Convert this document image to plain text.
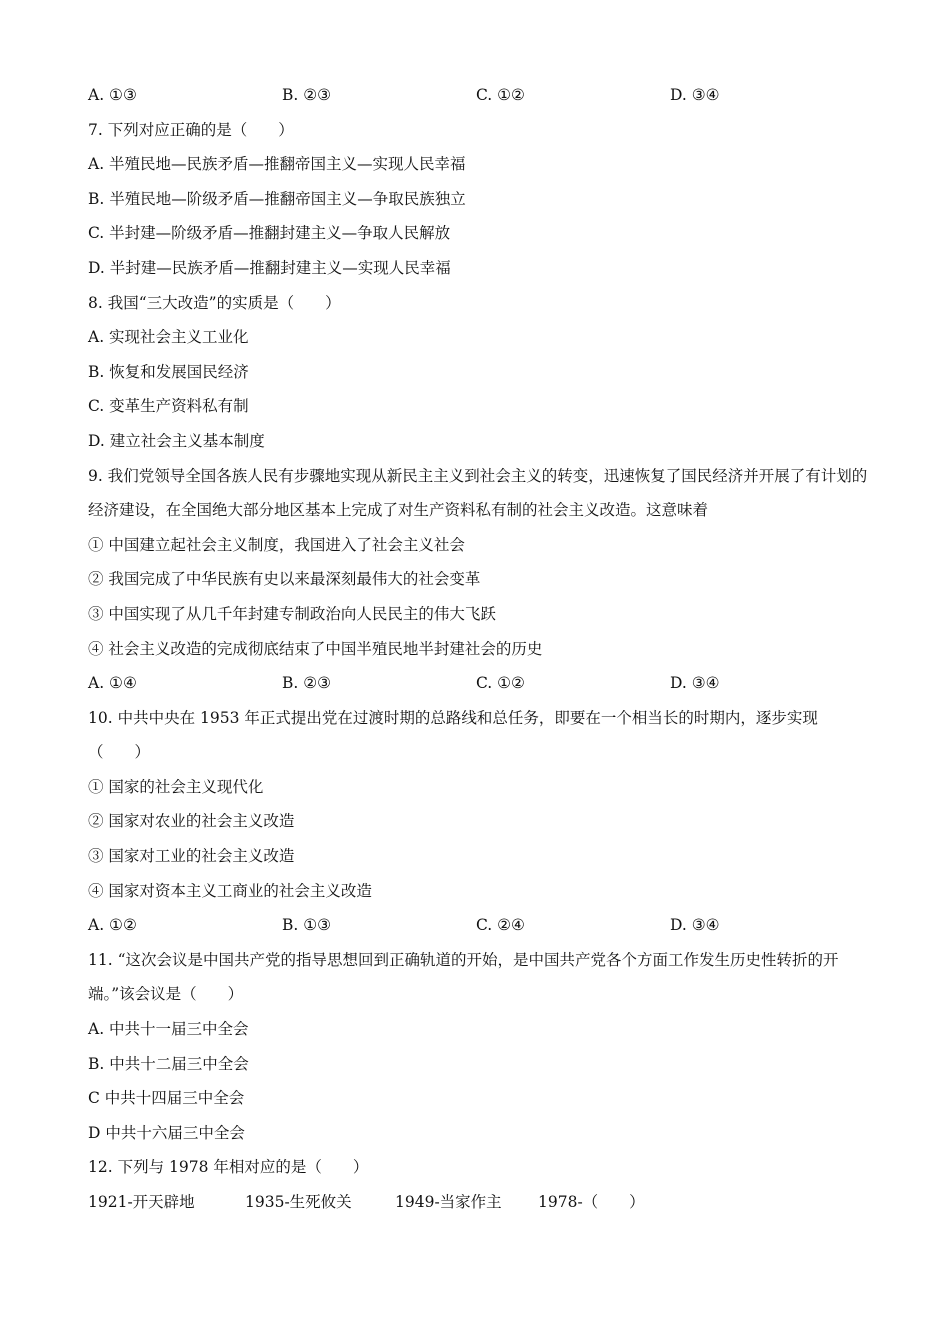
A. ①③	B. ②③	C. ①②	D. ③④
7. 下列对应正确的是（　　）
A. 半殖民地—民族矛盾—推翻帝国主义—实现人民幸福
B. 半殖民地—阶级矛盾—推翻帝国主义—争取民族独立
C. 半封建—阶级矛盾—推翻封建主义—争取人民解放
D. 半封建—民族矛盾—推翻封建主义—实现人民幸福
8. 我国“三大改造”的实质是（　　）
A. 实现社会主义工业化
B. 恢复和发展国民经济
C. 变革生产资料私有制
D. 建立社会主义基本制度
9. 我们党领导全国各族人民有步骤地实现从新民主主义到社会主义的转变，迅速恢复了国民经济并开展了有计划的经济建设，在全国绝大部分地区基本上完成了对生产资料私有制的社会主义改造。这意味着
① 中国建立起社会主义制度，我国进入了社会主义社会
② 我国完成了中华民族有史以来最深刻最伟大的社会变革
③ 中国实现了从几千年封建专制政治向人民民主的伟大飞跃
④ 社会主义改造的完成彻底结束了中国半殖民地半封建社会的历史
A. ①④	B. ②③	C. ①②	D. ③④
10. 中共中央在 1953 年正式提出党在过渡时期的总路线和总任务，即要在一个相当长的时期内，逐步实现（　　）
① 国家的社会主义现代化
② 国家对农业的社会主义改造
③ 国家对工业的社会主义改造
④ 国家对资本主义工商业的社会主义改造
A. ①②	B. ①③	C. ②④	D. ③④
11. “这次会议是中国共产党的指导思想回到正确轨道的开始，是中国共产党各个方面工作发生历史性转折的开端。”该会议是（　　）
A. 中共十一届三中全会
B. 中共十二届三中全会
C 中共十四届三中全会
D 中共十六届三中全会
12. 下列与 1978 年相对应的是（　　）
1921-开天辟地	1935-生死攸关	1949-当家作主	1978-（　　）
